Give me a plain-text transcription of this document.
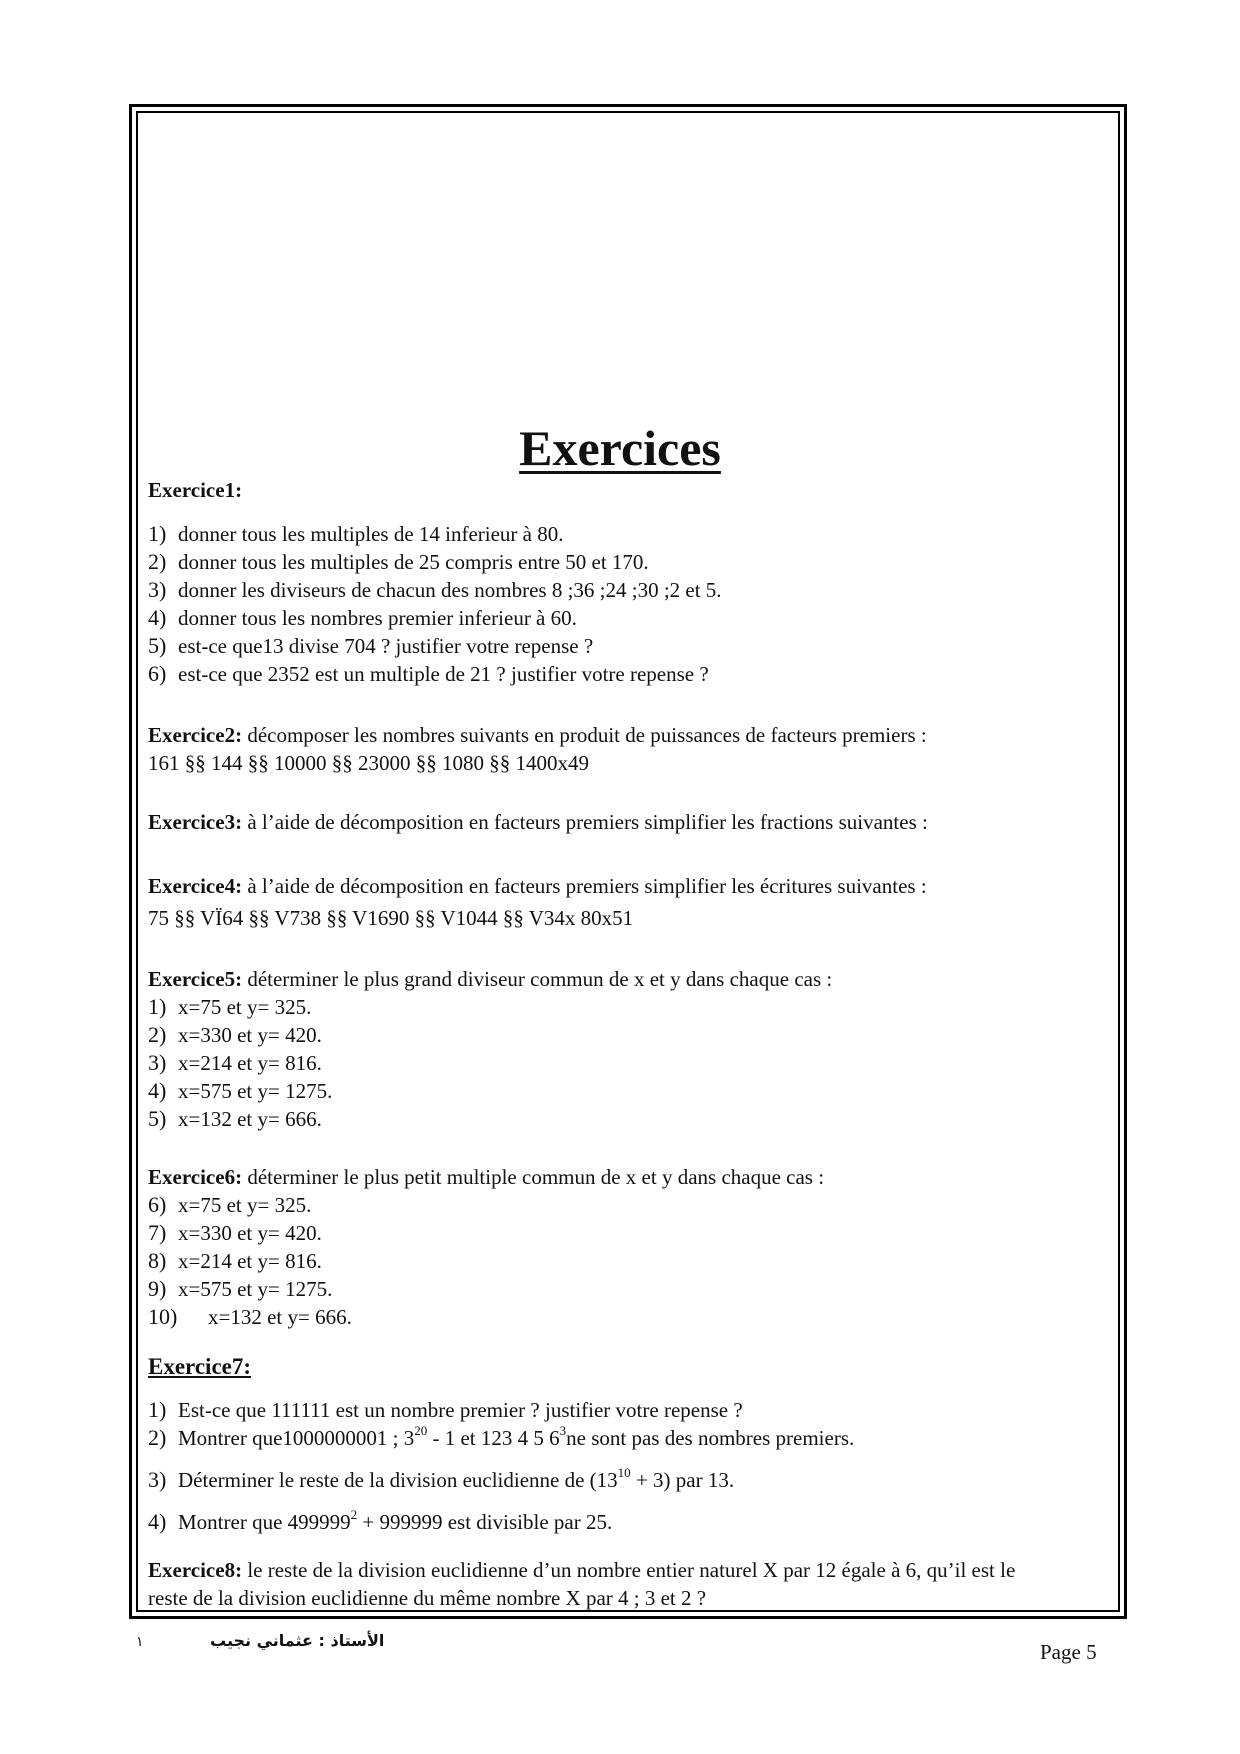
Exercices
Exercice1:
1) donner tous les multiples de 14 inferieur à 80.
2) donner tous les multiples de 25 compris entre 50 et 170.
3) donner les diviseurs de chacun des nombres 8 ;36 ;24 ;30 ;2 et 5.
4) donner tous les nombres premier inferieur à 60.
5) est-ce que13 divise 704 ? justifier votre repense ?
6) est-ce que 2352 est un multiple de 21 ? justifier votre repense ?
Exercice2: décomposer les nombres suivants en produit de puissances de facteurs premiers :
161 §§ 144 §§ 10000 §§ 23000 §§ 1080 §§ 1400x49
Exercice3: à l’aide de décomposition en facteurs premiers simplifier les fractions suivantes :
Exercice4: à l’aide de décomposition en facteurs premiers simplifier les écritures suivantes :
75 §§ VÏ64 §§ V738 §§ V1690 §§ V1044 §§ V34x 80x51
Exercice5: déterminer le plus grand diviseur commun de x et y dans chaque cas :
1) x=75 et y= 325.
2) x=330 et y= 420.
3) x=214 et y= 816.
4) x=575 et y= 1275.
5) x=132 et y= 666.
Exercice6: déterminer le plus petit multiple commun de x et y dans chaque cas :
6) x=75 et y= 325.
7) x=330 et y= 420.
8) x=214 et y= 816.
9) x=575 et y= 1275.
10) x=132 et y= 666.
Exercice7:
1) Est-ce que 111111 est un nombre premier ? justifier votre repense ?
2) Montrer que1000000001 ; $3^{20} - 1$ et 123 4 5 $6^3ne$ sont pas des nombres premiers.
3) Déterminer le reste de la division euclidienne de $(13^{10} + 3)$ par 13.
4) Montrer que $499999^2 + 999999$ est divisible par 25.
Exercice8: le reste de la division euclidienne d’un nombre entier naturel X par 12 égale à 6, qu’il est le
reste de la division euclidienne du même nombre X par 4 ; 3 et 2 ?
١	الأستاذ : عثماني نجيب	Page 5
